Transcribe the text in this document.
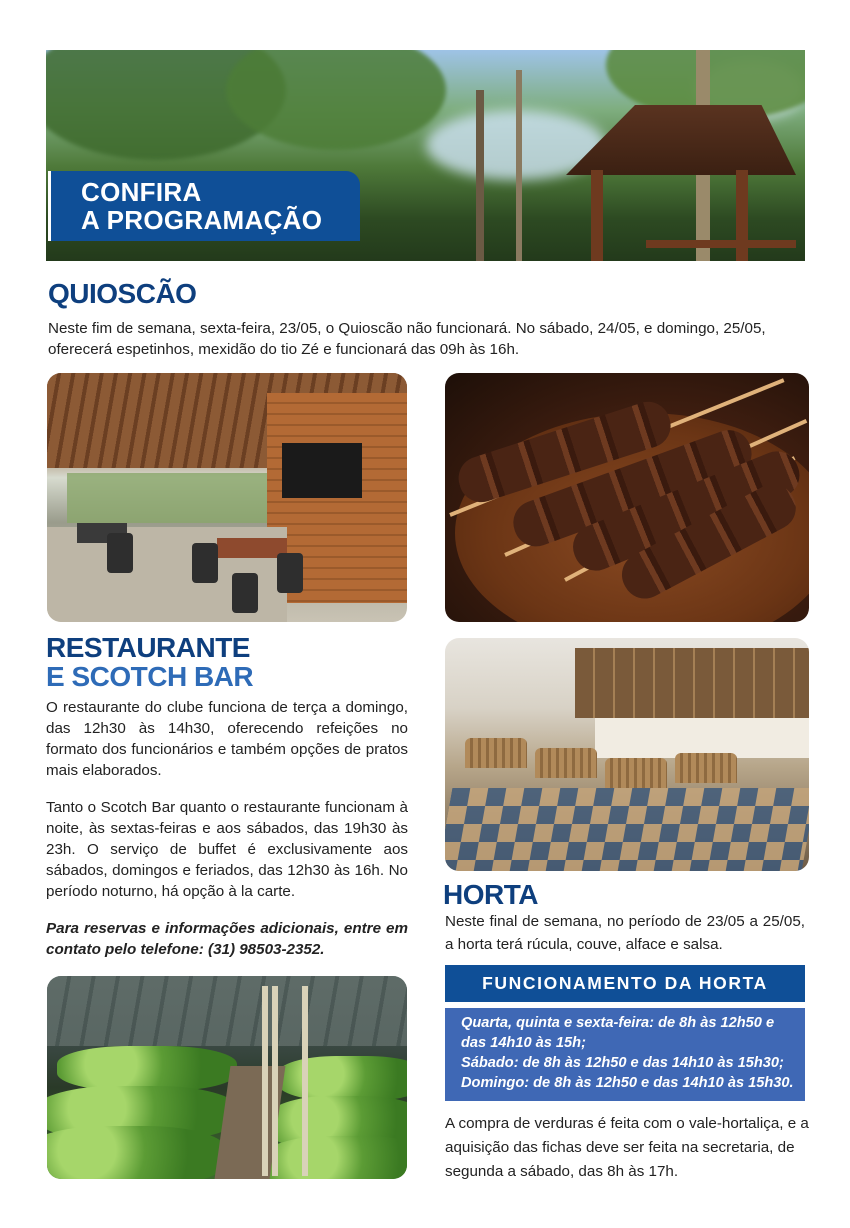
CONFIRA
A PROGRAMAÇÃO
QUIOSCÃO

Neste fim de semana, sexta-feira, 23/05, o Quioscão não funcionará. No sábado, 24/05, e domingo, 25/05, oferecerá espetinhos, mexidão do tio Zé e funcionará das 09h às 16h.

RESTAURANTE
E SCOTCH BAR

O restaurante do clube funciona de terça a domingo, das 12h30 às 14h30, oferecendo refeições no formato dos funcionários e também opções de pratos mais elaborados.

Tanto o Scotch Bar quanto o restaurante funcionam à noite, às sextas-feiras e aos sábados, das 19h30 às 23h. O serviço de buffet é exclusivamente aos sábados, domingos e feriados, das 12h30 às 16h. No período noturno, há opção à la carte.

Para reservas e informações adicionais, entre em contato pelo telefone: (31) 98503-2352.

HORTA

Neste final de semana, no período de 23/05 a 25/05, a horta terá rúcula, couve, alface e salsa.

FUNCIONAMENTO DA HORTA
Quarta, quinta e sexta-feira: de 8h às 12h50 e
das 14h10 às 15h;
Sábado: de 8h às 12h50 e das 14h10 às 15h30;
Domingo: de 8h às 12h50 e das 14h10 às 15h30.

A compra de verduras é feita com o vale-hortaliça, e a aquisição das fichas deve ser feita na secretaria, de segunda a sábado, das 8h às 17h.
